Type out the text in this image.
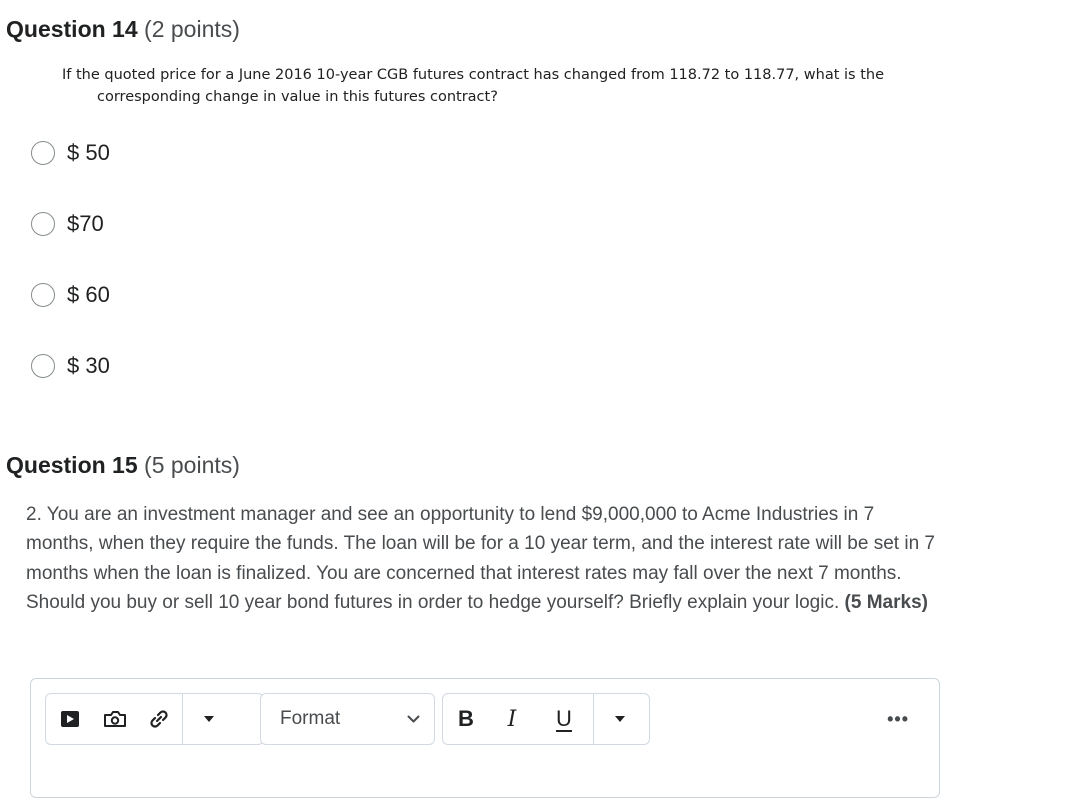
Question 14 (2 points)
If the quoted price for a June 2016 10-year CGB futures contract has changed from 118.72 to 118.77, what is the
corresponding change in value in this futures contract?
$ 50
$70
$ 60
$ 30
Question 15 (5 points)
2. You are an investment manager and see an opportunity to lend $9,000,000 to Acme Industries in 7 months, when they require the funds. The loan will be for a 10 year term, and the interest rate will be set in 7 months when the loan is finalized. You are concerned that interest rates may fall over the next 7 months. Should you buy or sell 10 year bond futures in order to hedge yourself? Briefly explain your logic. (5 Marks)
Format	B	I	U	•••
